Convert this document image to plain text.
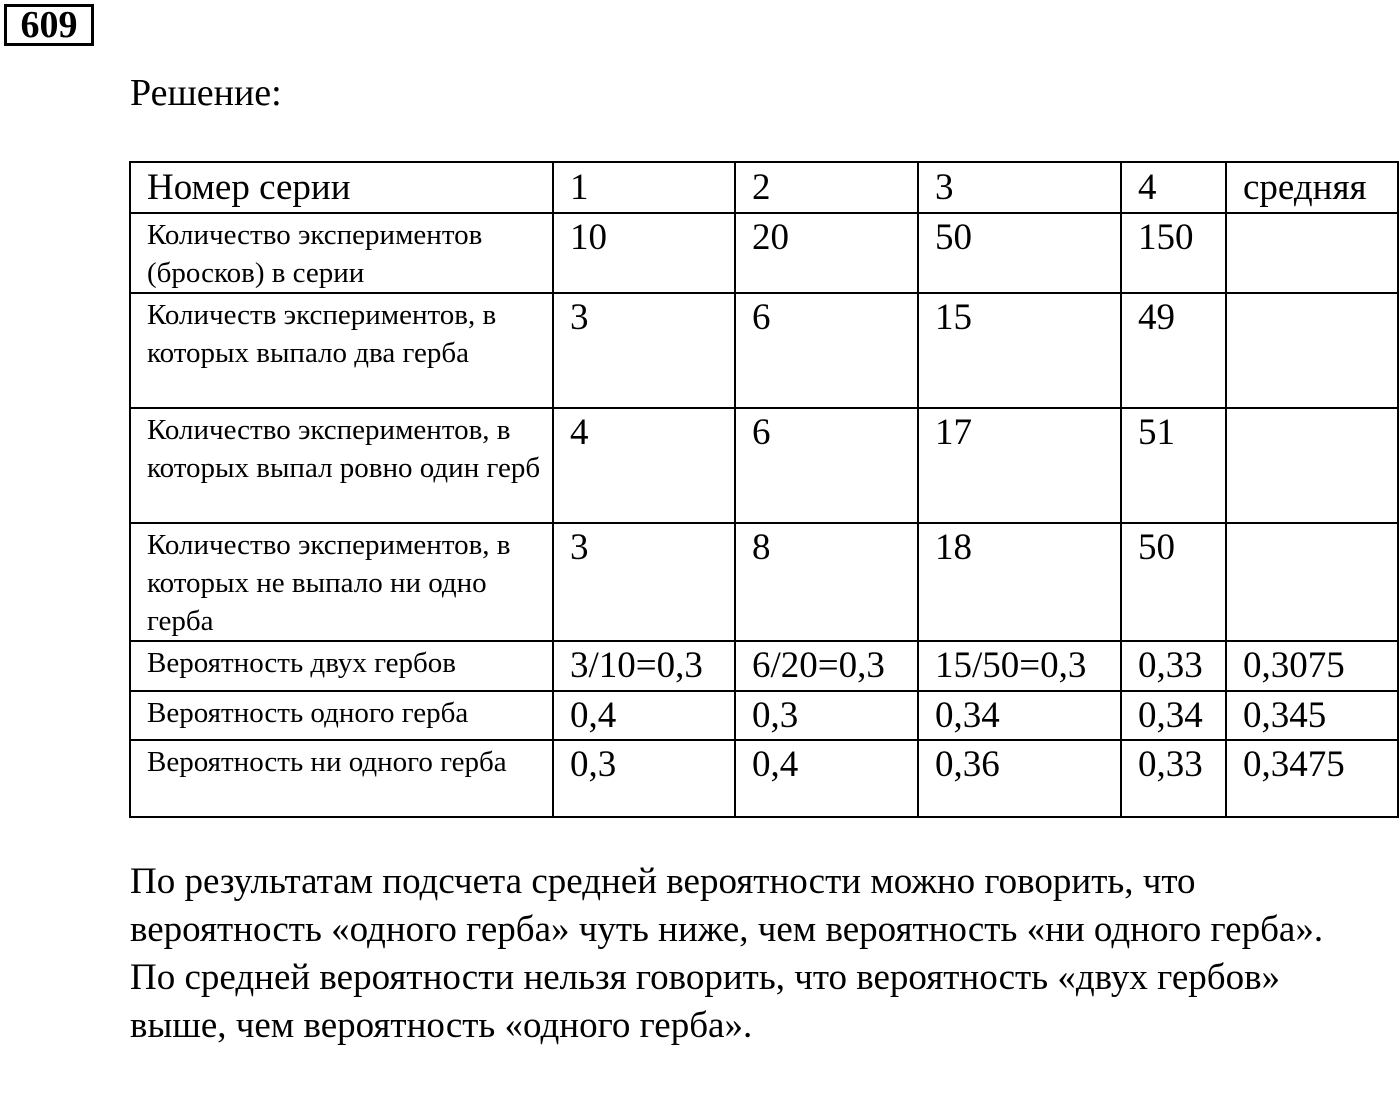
609
Решение:
Номер серии	1	2	3	4	средняя
Количество экспериментов (бросков) в серии	10	20	50	150	
Количеств экспериментов, в которых выпало два герба	3	6	15	49	
Количество экспериментов, в которых выпал ровно один герб	4	6	17	51	
Количество экспериментов, в которых не выпало ни одно герба	3	8	18	50	
Вероятность двух гербов	3/10=0,3	6/20=0,3	15/50=0,3	0,33	0,3075
Вероятность одного герба	0,4	0,3	0,34	0,34	0,345
Вероятность ни одного герба	0,3	0,4	0,36	0,33	0,3475

По результатам подсчета средней вероятности можно говорить, что вероятность «одного герба» чуть ниже, чем вероятность «ни одного герба».

По средней вероятности нельзя говорить, что вероятность «двух гербов» выше, чем вероятность «одного герба».
